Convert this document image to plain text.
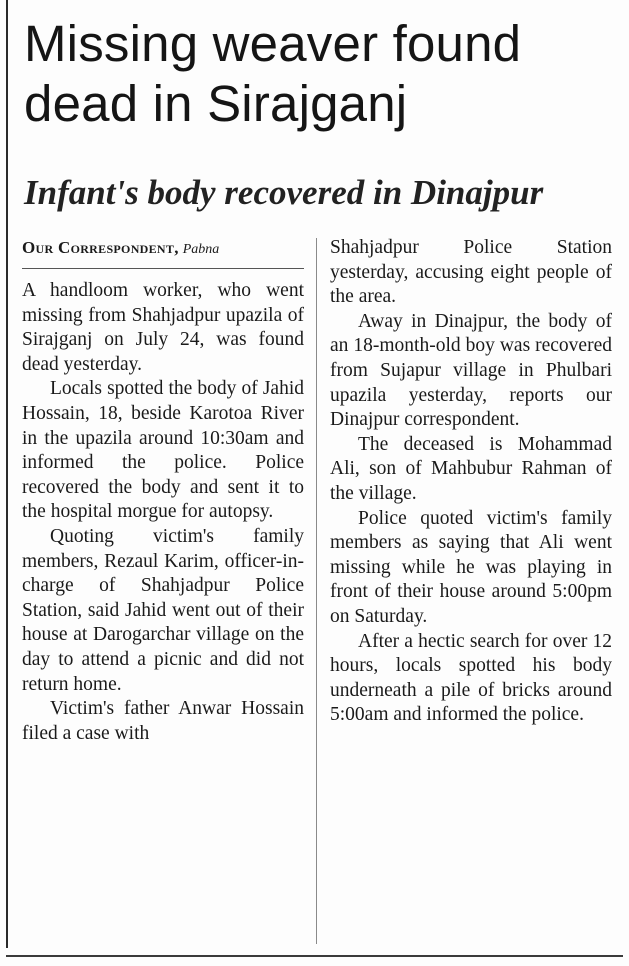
Missing weaver found dead in Sirajganj
Infant's body recovered in Dinajpur

Our Correspondent, Pabna

A handloom worker, who went missing from Shahjadpur upazila of Sirajganj on July 24, was found dead yesterday.

Locals spotted the body of Jahid Hossain, 18, beside Karotoa River in the upazila around 10:30am and informed the police. Police recovered the body and sent it to the hospital morgue for autopsy.

Quoting victim's family members, Rezaul Karim, officer-in-charge of Shahjadpur Police Station, said Jahid went out of their house at Darogarchar village on the day to attend a picnic and did not return home.

Victim's father Anwar Hossain filed a case with

Shahjadpur Police Station yesterday, accusing eight people of the area.

Away in Dinajpur, the body of an 18-month-old boy was recovered from Sujapur village in Phulbari upazila yesterday, reports our Dinajpur correspondent.

The deceased is Mohammad Ali, son of Mahbubur Rahman of the village.

Police quoted victim's family members as saying that Ali went missing while he was playing in front of their house around 5:00pm on Saturday.

After a hectic search for over 12 hours, locals spotted his body underneath a pile of bricks around 5:00am and informed the police.
